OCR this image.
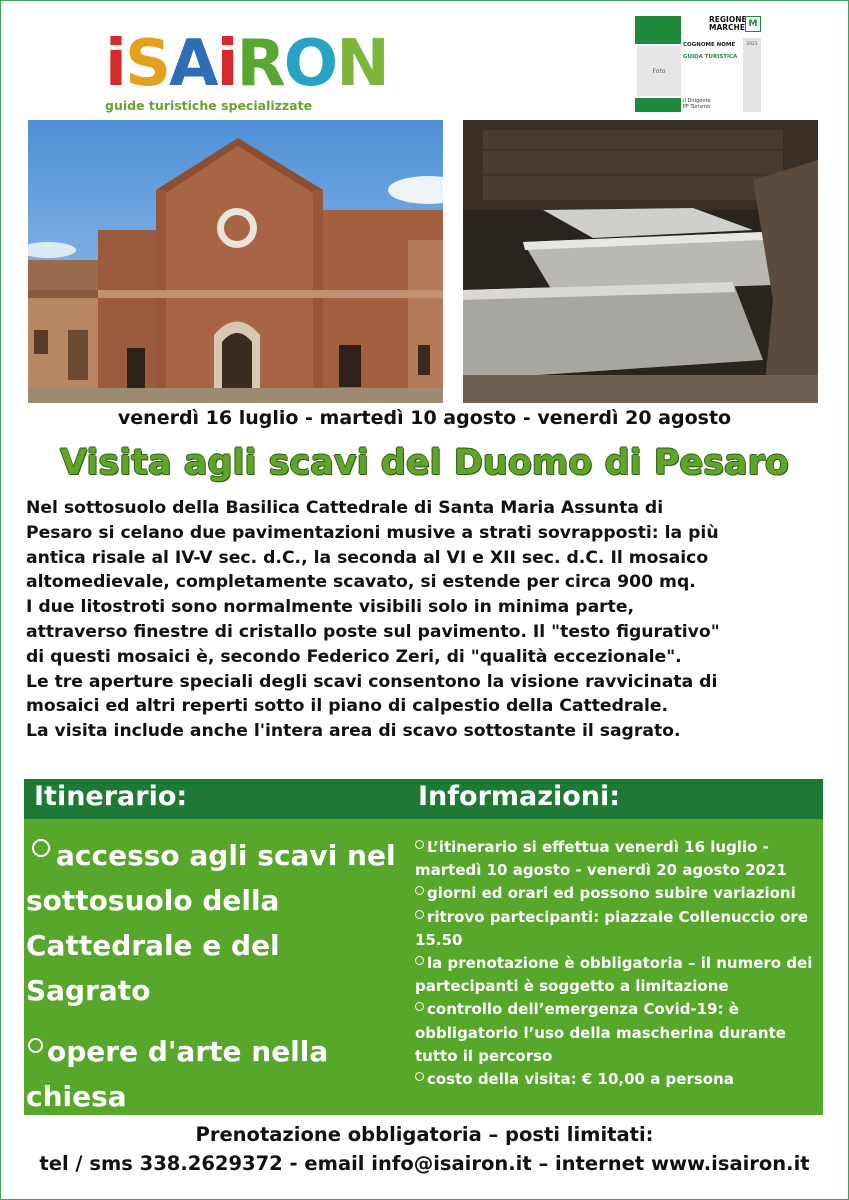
i S A i R O N
guide turistiche specializzate
Foto
REGIONE
MARCHE M
COGNOME NOME
GUIDA TURISTICA
Il Dirigente
PF Turismo
2021
venerdì 16 luglio - martedì 10 agosto - venerdì 20 agosto
Visita agli scavi del Duomo di Pesaro

Nel sottosuolo della Basilica Cattedrale di Santa Maria Assunta di

Pesaro si celano due pavimentazioni musive a strati sovrapposti: la più

antica risale al IV-V sec. d.C., la seconda al VI e XII sec. d.C. Il mosaico

altomedievale, completamente scavato, si estende per circa 900 mq.

I due litostroti sono normalmente visibili solo in minima parte,

attraverso finestre di cristallo poste sul pavimento. Il "testo figurativo"

di questi mosaici è, secondo Federico Zeri, di "qualità eccezionale".

Le tre aperture speciali degli scavi consentono la visione ravvicinata di

mosaici ed altri reperti sotto il piano di calpestio della Cattedrale.

La visita include anche l'intera area di scavo sottostante il sagrato.

Itinerario:	Informazioni:
accesso agli scavi nel
sottosuolo della
Cattedrale e del Sagrato
opere d'arte nella
chiesa

L’itinerario si effettua venerdì 16 luglio - martedì 10 agosto - venerdì 20 agosto 2021

giorni ed orari ed possono subire variazioni

ritrovo partecipanti: piazzale Collenuccio ore 15.50

la prenotazione è obbligatoria – il numero dei partecipanti è soggetto a limitazione

controllo dell’emergenza Covid-19: è obbligatorio l’uso della mascherina durante tutto il percorso

costo della visita: € 10,00 a persona

Prenotazione obbligatoria – posti limitati:
tel / sms 338.2629372 - email info@isairon.it – internet www.isairon.it
